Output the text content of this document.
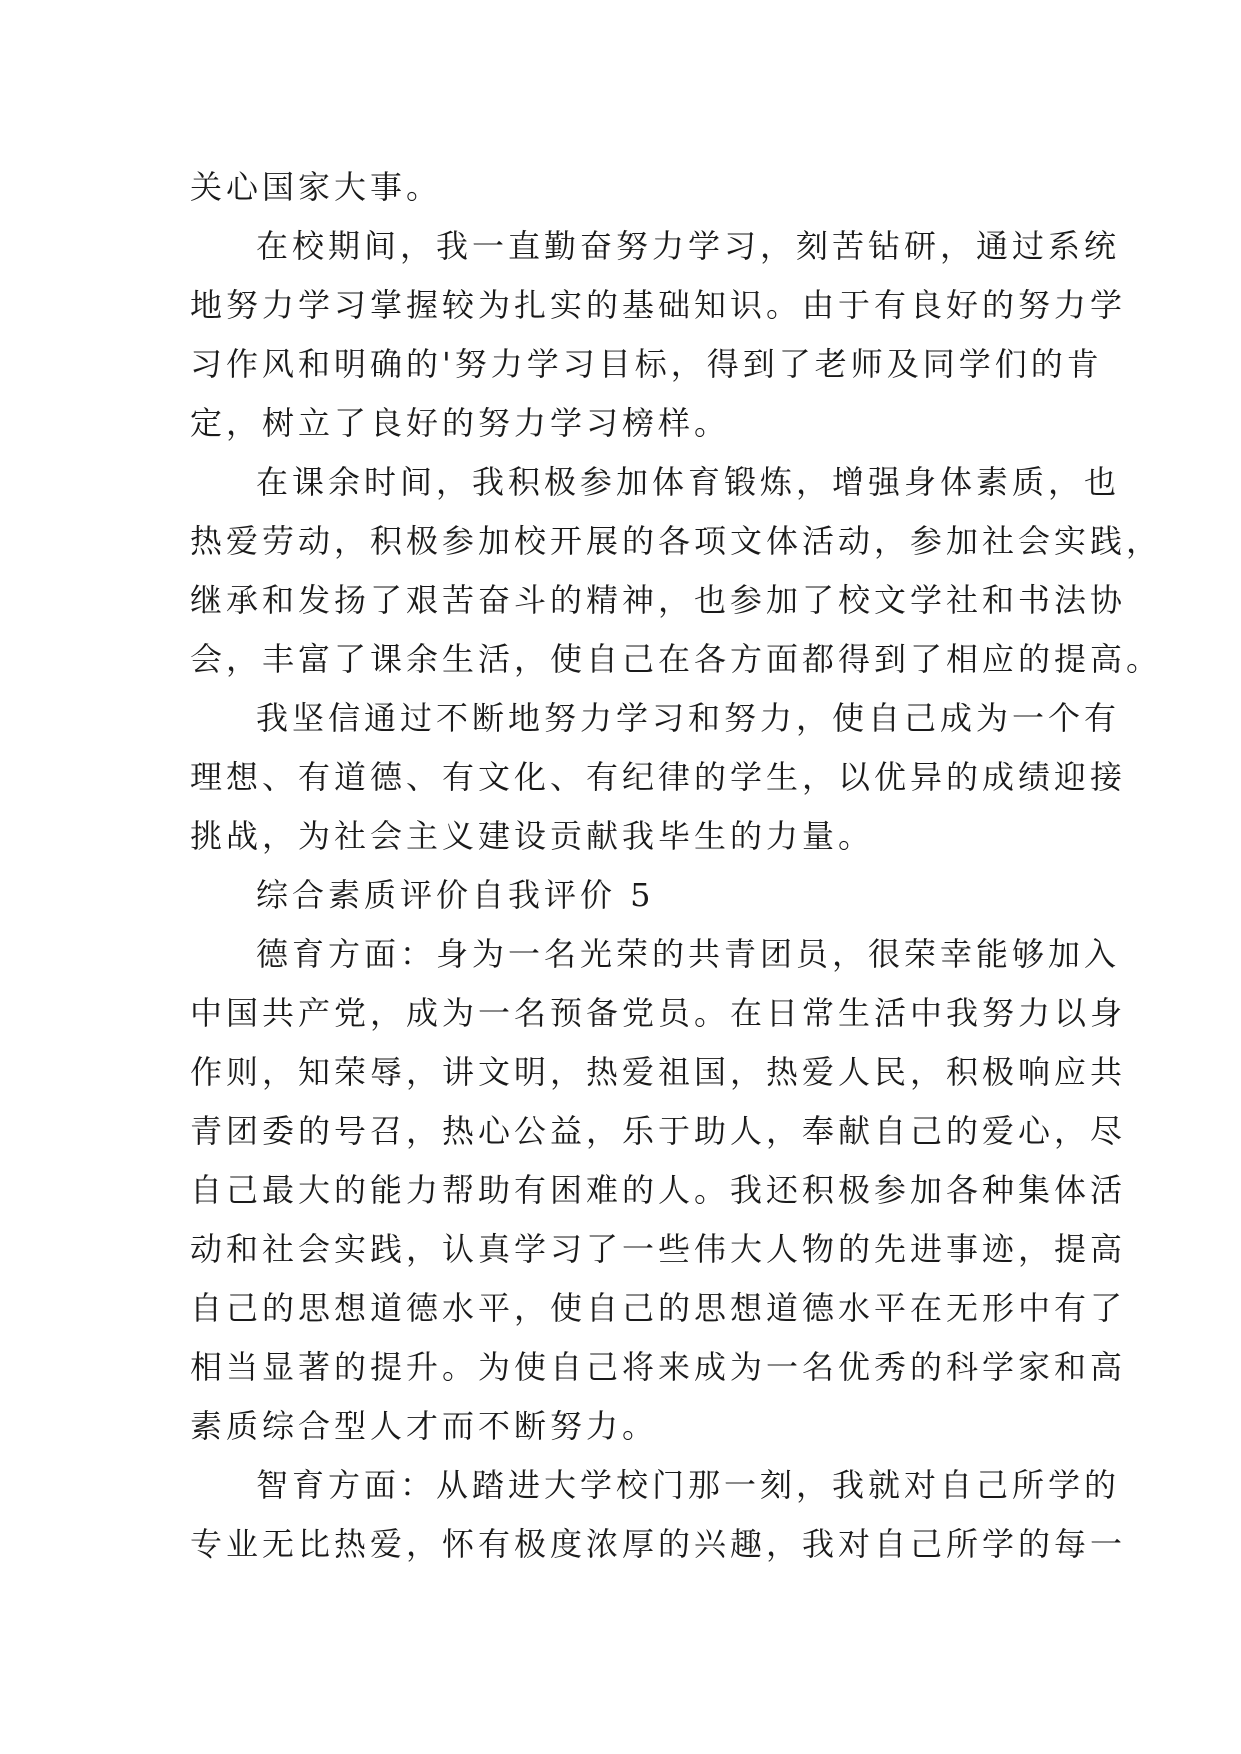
关心国家大事。
在校期间，我一直勤奋努力学习，刻苦钻研，通过系统
地努力学习掌握较为扎实的基础知识。由于有良好的努力学
习作风和明确的'努力学习目标，得到了老师及同学们的肯
定，树立了良好的努力学习榜样。
在课余时间，我积极参加体育锻炼，增强身体素质，也
热爱劳动，积极参加校开展的各项文体活动，参加社会实践，
继承和发扬了艰苦奋斗的精神，也参加了校文学社和书法协
会，丰富了课余生活，使自己在各方面都得到了相应的提高。
我坚信通过不断地努力学习和努力，使自己成为一个有
理想、有道德、有文化、有纪律的学生，以优异的成绩迎接
挑战，为社会主义建设贡献我毕生的力量。
综合素质评价自我评价 5
德育方面：身为一名光荣的共青团员，很荣幸能够加入
中国共产党，成为一名预备党员。在日常生活中我努力以身
作则，知荣辱，讲文明，热爱祖国，热爱人民，积极响应共
青团委的号召，热心公益，乐于助人，奉献自己的爱心，尽
自己最大的能力帮助有困难的人。我还积极参加各种集体活
动和社会实践，认真学习了一些伟大人物的先进事迹，提高
自己的思想道德水平，使自己的思想道德水平在无形中有了
相当显著的提升。为使自己将来成为一名优秀的科学家和高
素质综合型人才而不断努力。
智育方面：从踏进大学校门那一刻，我就对自己所学的
专业无比热爱，怀有极度浓厚的兴趣，我对自己所学的每一
